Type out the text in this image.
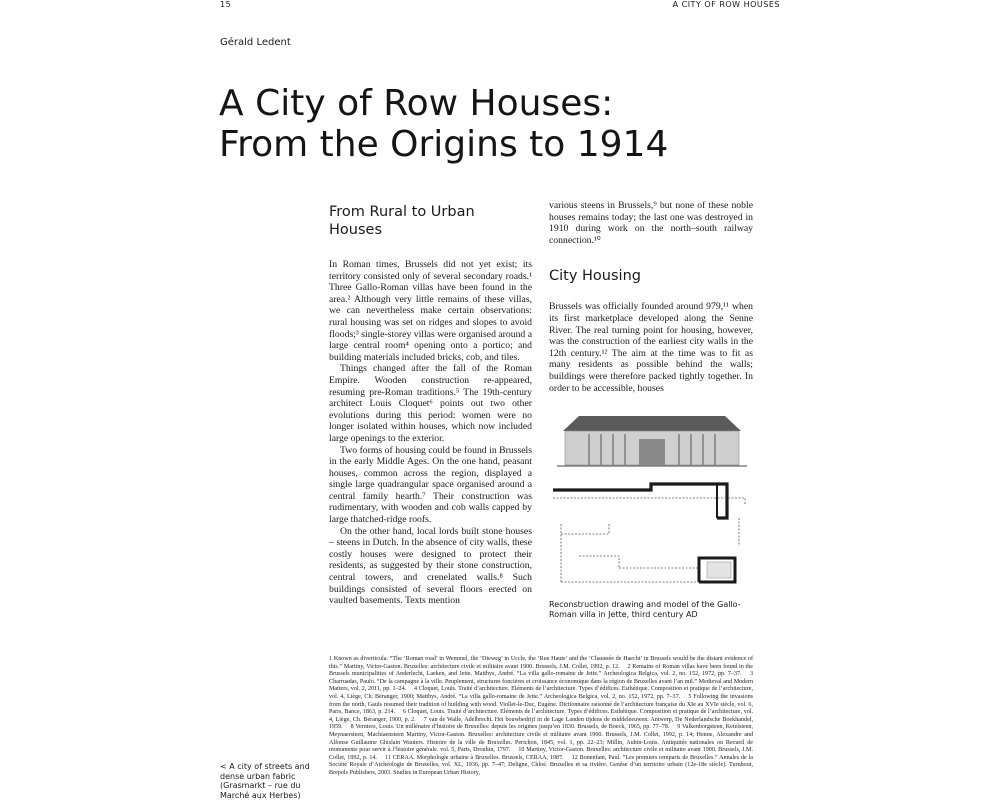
15	A CITY OF ROW HOUSES
Gérald Ledent
A City of Row Houses:
From the Origins to 1914
From Rural to Urban Houses

In Roman times, Brussels did not yet exist; its territory consisted only of several secondary roads.¹ Three Gallo-Roman villas have been found in the area.² Although very little remains of these villas, we can nevertheless make certain observations: rural housing was set on ridges and slopes to avoid floods;³ single-storey villas were organised around a large central room⁴ opening onto a portico; and building materials included bricks, cob, and tiles.

Things changed after the fall of the Roman Empire. Wooden construction re-appeared, resuming pre-Roman traditions.⁵ The 19th-century architect Louis Cloquet⁶ points out two other evolutions during this period: women were no longer isolated within houses, which now included large openings to the exterior.

Two forms of housing could be found in Brussels in the early Middle Ages. On the one hand, peasant houses, common across the region, displayed a single large quadrangular space organised around a central family hearth.⁷ Their construction was rudimentary, with wooden and cob walls capped by large thatched-ridge roofs.

On the other hand, local lords built stone houses – steens in Dutch. In the absence of city walls, these costly houses were designed to protect their residents, as suggested by their stone construction, central towers, and crenelated walls.⁸ Such buildings consisted of several floors erected on vaulted basements. Texts mention

various steens in Brussels,⁹ but none of these noble houses remains today; the last one was destroyed in 1910 during work on the north–south railway connection.¹⁰

City Housing

Brussels was officially founded around 979,¹¹ when its first marketplace developed along the Senne River. The real turning point for housing, however, was the construction of the earliest city walls in the 12th century.¹² The aim at the time was to fit as many residents as possible behind the walls; buildings were therefore packed tightly together. In order to be accessible, houses

Reconstruction drawing and model of the Gallo-Roman villa in Jette, third century AD
< A city of streets and dense urban fabric (Grasmarkt – rue du Marché aux Herbes)
1 Known as diverticula. “The ‘Roman road’ in Wemmel, the ‘Dieweg’ in Uccle, the ‘Rue Haute’ and the ‘Chaussée de Haecht’ in Brussels would be the distant evidence of this.” Martiny, Victor-Gaston. Bruxelles: architecture civile et militaire avant 1900. Brussels, J.M. Collet, 1992, p. 12.  2 Remains of Roman villas have been found in the Brussels municipalities of Anderlecht, Laeken, and Jette. Matthys, André. “La villa gallo-romaine de Jette.” Archeologica Belgica, vol. 2, no. 152, 1972, pp. 7–37.  3 Charruadas, Paulo. “De la campagne à la ville. Peuplement, structures foncières et croissance économique dans la région de Bruxelles avant l’an mil.” Medieval and Modern Matters, vol. 2, 2011, pp. 1–24.  4 Cloquet, Louis. Traité d’architecture. Eléments de l’architecture. Types d’édifices. Esthétique. Composition et pratique de l’architecture, vol. 4, Liège, Ch. Béranger, 1900; Matthys, André. “La villa gallo-romaine de Jette.” Archeologica Belgica, vol. 2, no. 152, 1972, pp. 7–37.  5 Following the invasions from the north, Gauls resumed their tradition of building with wood. Viollet-le-Duc, Eugène. Dictionnaire raisonné de l’architecture française du XIe au XVIe siècle, vol. 6, Paris, Bance, 1863, p. 214.  6 Cloquet, Louis. Traité d’architecture. Eléments de l’architecture. Types d’édifices. Esthétique. Composition et pratique de l’architecture, vol. 4, Liège, Ch. Béranger, 1900, p. 2.  7 van de Walle, Adelbrecht. Het bouwbedrijf in de Lage Landen tijdens de middeleeuwen. Antwerp, De Nederlandsche Boekhandel, 1959.  8 Verniers, Louis. Un millénaire d’histoire de Bruxelles: depuis les origines jusqu’en 1830. Brussels, de Boeck, 1965, pp. 77–78.  9 Valkenborgsteen, Ketelsteen, Meynaersteen, Machiaensteen Martiny, Victor-Gaston. Bruxelles: architecture civile et militaire avant 1900. Brussels, J.M. Collet, 1992, p. 14; Henne, Alexandre and Alfonse Guillaume Ghislain Wauters. Histoire de la ville de Bruxelles. Perichon, 1845, vol. 1, pp. 22–23; Millin, Aubin-Louis. Antiquités nationales ou Recueil de monuments pour servir à l’histoire générale. vol. 5, Paris, Drouhin, 1797.  10 Martiny, Victor-Gaston. Bruxelles: architecture civile et militaire avant 1900. Brussels, J.M. Collet, 1992, p. 14.  11 CERAA. Morphologie urbaine à Bruxelles. Brussels, CERAA, 1987.  12 Bonenfant, Paul. “Les premiers remparts de Bruxelles.” Annales de la Société Royale d’Archéologie de Bruxelles, vol. XL, 1936, pp. 7–47; Deligne, Chloé. Bruxelles et sa rivière. Genèse d’un territoire urbain (12e-18e siècle). Turnhout, Brepols Publishers, 2003. Studies in European Urban History,
